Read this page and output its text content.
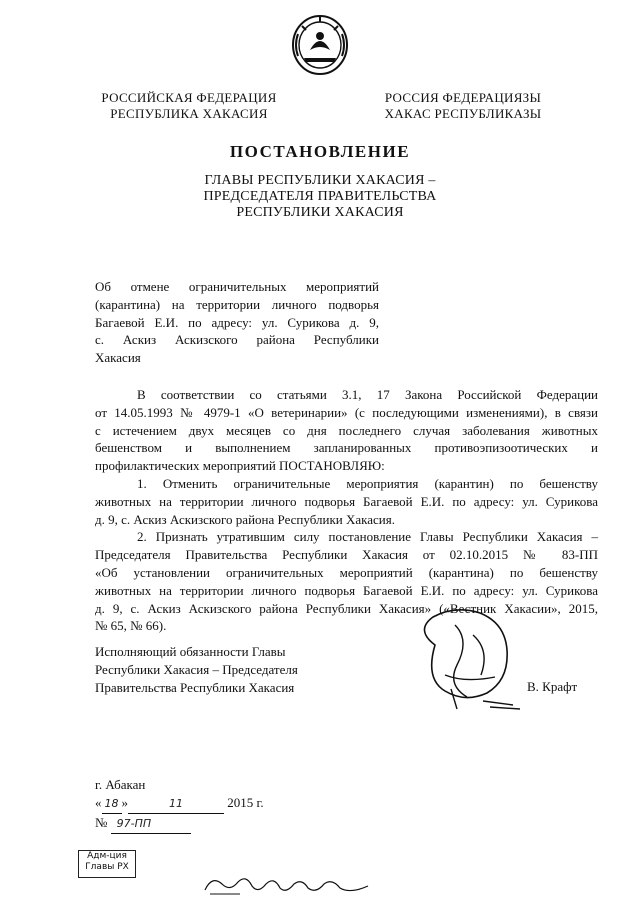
РОССИЙСКАЯ ФЕДЕРАЦИЯ
РЕСПУБЛИКА ХАКАСИЯ
РОССИЯ ФЕДЕРАЦИЯЗЫ
ХАКАС РЕСПУБЛИКАЗЫ
ПОСТАНОВЛЕНИЕ
ГЛАВЫ РЕСПУБЛИКИ ХАКАСИЯ –
ПРЕДСЕДАТЕЛЯ ПРАВИТЕЛЬСТВА
РЕСПУБЛИКИ ХАКАСИЯ
Об отмене ограничительных мероприятий
(карантина) на территории личного подворья
Багаевой Е.И. по адресу: ул. Сурикова д. 9,
с. Аскиз Аскизского района Республики
Хакасия
В соответствии со статьями 3.1, 17 Закона Российской Федерации
от 14.05.1993 № 4979-1 «О ветеринарии» (с последующими изменениями), в связи
с истечением двух месяцев со дня последнего случая заболевания животных
бешенством и выполнением запланированных противоэпизоотических и
профилактических мероприятий ПОСТАНОВЛЯЮ:
1. Отменить ограничительные мероприятия (карантин) по бешенству
животных на территории личного подворья Багаевой Е.И. по адресу: ул. Сурикова
д. 9, с. Аскиз Аскизского района Республики Хакасия.
2. Признать утратившим силу постановление Главы Республики Хакасия –
Председателя Правительства Республики Хакасия от 02.10.2015 № 83-ПП
«Об установлении ограничительных мероприятий (карантина) по бешенству
животных на территории личного подворья Багаевой Е.И. по адресу: ул. Сурикова
д. 9, с. Аскиз Аскизского района Республики Хакасия» («Вестник Хакасии», 2015,
№ 65, № 66).
Исполняющий обязанности Главы
Республики Хакасия – Председателя
Правительства Республики Хакасия	В. Крафт
г. Абакан
« 18 »	11	2015 г.
№ 97-ПП
Адм-ция
Главы РХ
